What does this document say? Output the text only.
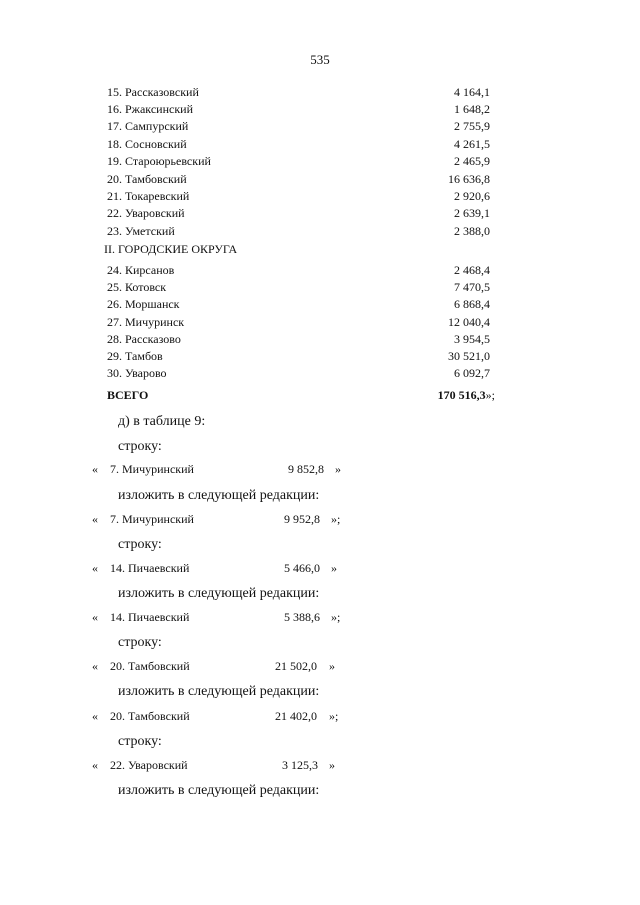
535
15. Рассказовский	4 164,1
16. Ржаксинский	1 648,2
17. Сампурский	2 755,9
18. Сосновский	4 261,5
19. Староюрьевский	2 465,9
20. Тамбовский	16 636,8
21. Токаревский	2 920,6
22. Уваровский	2 639,1
23. Уметский	2 388,0
II. ГОРОДСКИЕ ОКРУГА
24. Кирсанов	2 468,4
25. Котовск	7 470,5
26. Моршанск	6 868,4
27. Мичуринск	12 040,4
28. Рассказово	3 954,5
29. Тамбов	30 521,0
30. Уварово	6 092,7
ВСЕГО	170 516,3»;
д) в таблице 9:
строку:
« 7. Мичуринский	9 852,8 »
изложить в следующей редакции:
« 7. Мичуринский	9 952,8 »;
строку:
« 14. Пичаевский	5 466,0 »
изложить в следующей редакции:
« 14. Пичаевский	5 388,6 »;
строку:
« 20. Тамбовский	21 502,0 »
изложить в следующей редакции:
« 20. Тамбовский	21 402,0 »;
строку:
« 22. Уваровский	3 125,3 »
изложить в следующей редакции:
